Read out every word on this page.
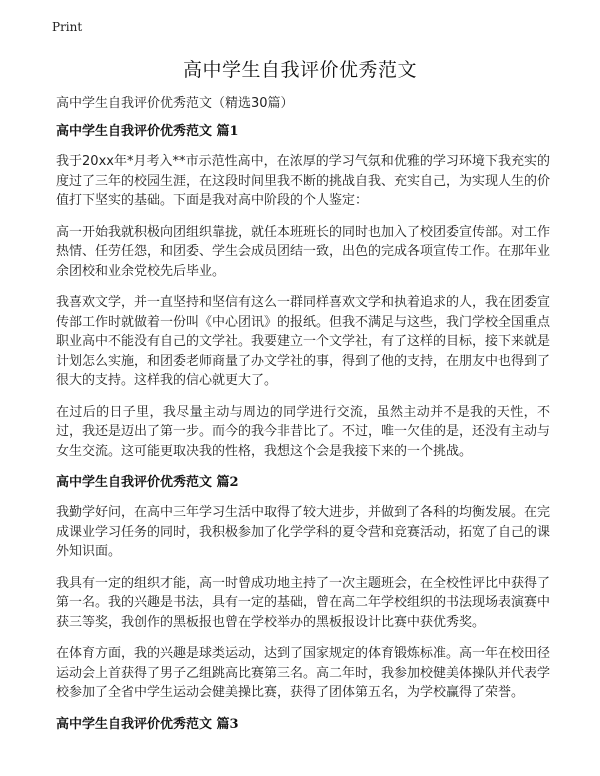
Print
高中学生自我评价优秀范文

高中学生自我评价优秀范文（精选30篇）

高中学生自我评价优秀范文 篇1

我于20xx年*月考入**市示范性高中，在浓厚的学习气氛和优雅的学习环境下我充实的度过了三年的校园生涯，在这段时间里我不断的挑战自我、充实自己，为实现人生的价值打下坚实的基础。下面是我对高中阶段的个人鉴定：

高一开始我就积极向团组织靠拢，就任本班班长的同时也加入了校团委宣传部。对工作热情、任劳任怨，和团委、学生会成员团结一致，出色的完成各项宣传工作。在那年业余团校和业余党校先后毕业。

我喜欢文学，并一直坚持和坚信有这么一群同样喜欢文学和执着追求的人，我在团委宣传部工作时就做着一份叫《中心团讯》的报纸。但我不满足与这些，我门学校全国重点职业高中不能没有自己的文学社。我要建立一个文学社，有了这样的目标，接下来就是计划怎么实施，和团委老师商量了办文学社的事，得到了他的支持，在朋友中也得到了很大的支持。这样我的信心就更大了。

在过后的日子里，我尽量主动与周边的同学进行交流，虽然主动并不是我的天性，不过，我还是迈出了第一步。而今的我今非昔比了。不过，唯一欠佳的是，还没有主动与女生交流。这可能更取决我的性格，我想这个会是我接下来的一个挑战。

高中学生自我评价优秀范文 篇2

我勤学好问，在高中三年学习生活中取得了较大进步，并做到了各科的均衡发展。在完成课业学习任务的同时，我积极参加了化学学科的夏令营和竞赛活动，拓宽了自己的课外知识面。

我具有一定的组织才能，高一时曾成功地主持了一次主题班会，在全校性评比中获得了第一名。我的兴趣是书法，具有一定的基础，曾在高二年学校组织的书法现场表演赛中获三等奖，我创作的黑板报也曾在学校举办的黑板报设计比赛中获优秀奖。

在体育方面，我的兴趣是球类运动，达到了国家规定的体育锻炼标准。高一年在校田径运动会上首获得了男子乙组跳高比赛第三名。高二年时，我参加校健美体操队并代表学校参加了全省中学生运动会健美操比赛，获得了团体第五名，为学校赢得了荣誉。

高中学生自我评价优秀范文 篇3
